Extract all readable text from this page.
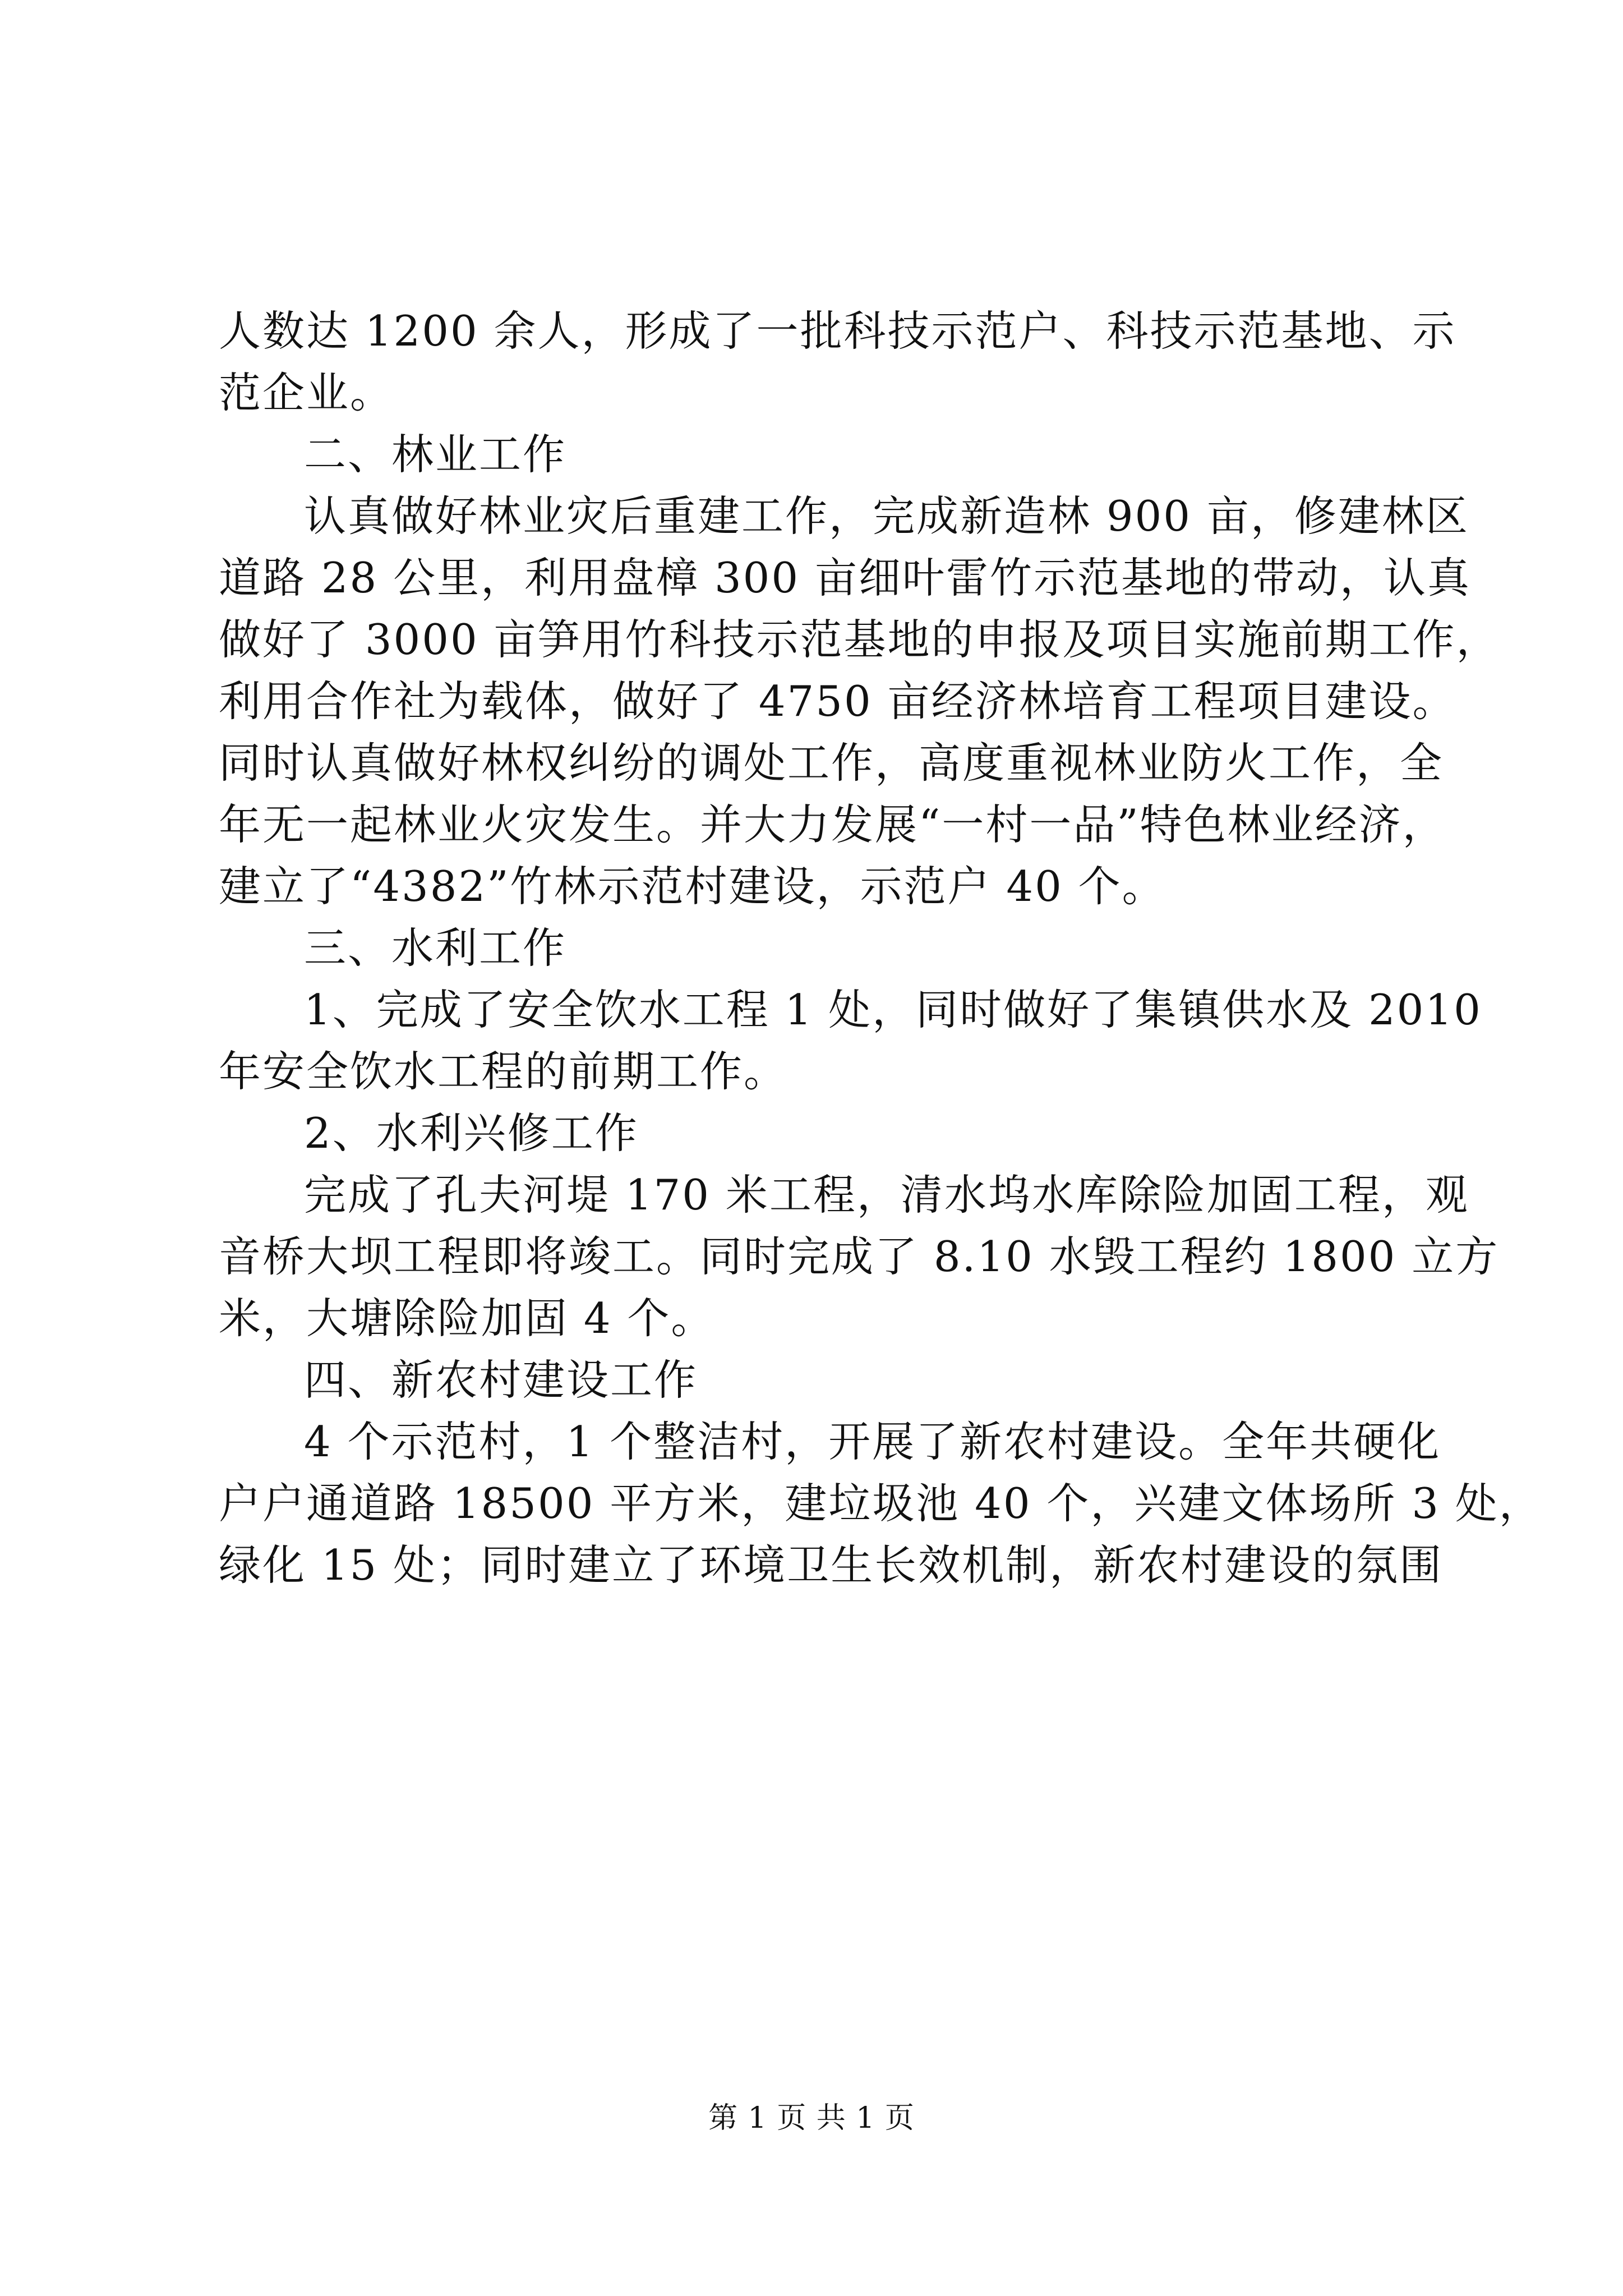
人数达 1200 余人，形成了一批科技示范户、科技示范基地、示
范企业。
二、林业工作
认真做好林业灾后重建工作，完成新造林 900 亩，修建林区
道路 28 公里，利用盘樟 300 亩细叶雷竹示范基地的带动，认真
做好了 3000 亩笋用竹科技示范基地的申报及项目实施前期工作，
利用合作社为载体，做好了 4750 亩经济林培育工程项目建设。
同时认真做好林权纠纷的调处工作，高度重视林业防火工作，全
年无一起林业火灾发生。并大力发展“一村一品”特色林业经济，
建立了“4382”竹林示范村建设，示范户 40 个。
三、水利工作
1、完成了安全饮水工程 1 处，同时做好了集镇供水及 2010
年安全饮水工程的前期工作。
2、水利兴修工作
完成了孔夫河堤 170 米工程，清水坞水库除险加固工程，观
音桥大坝工程即将竣工。同时完成了 8.10 水毁工程约 1800 立方
米，大塘除险加固 4 个。
四、新农村建设工作
4 个示范村，1 个整洁村，开展了新农村建设。全年共硬化
户户通道路 18500 平方米，建垃圾池 40 个，兴建文体场所 3 处，
绿化 15 处；同时建立了环境卫生长效机制，新农村建设的氛围
第 1 页 共 1 页
